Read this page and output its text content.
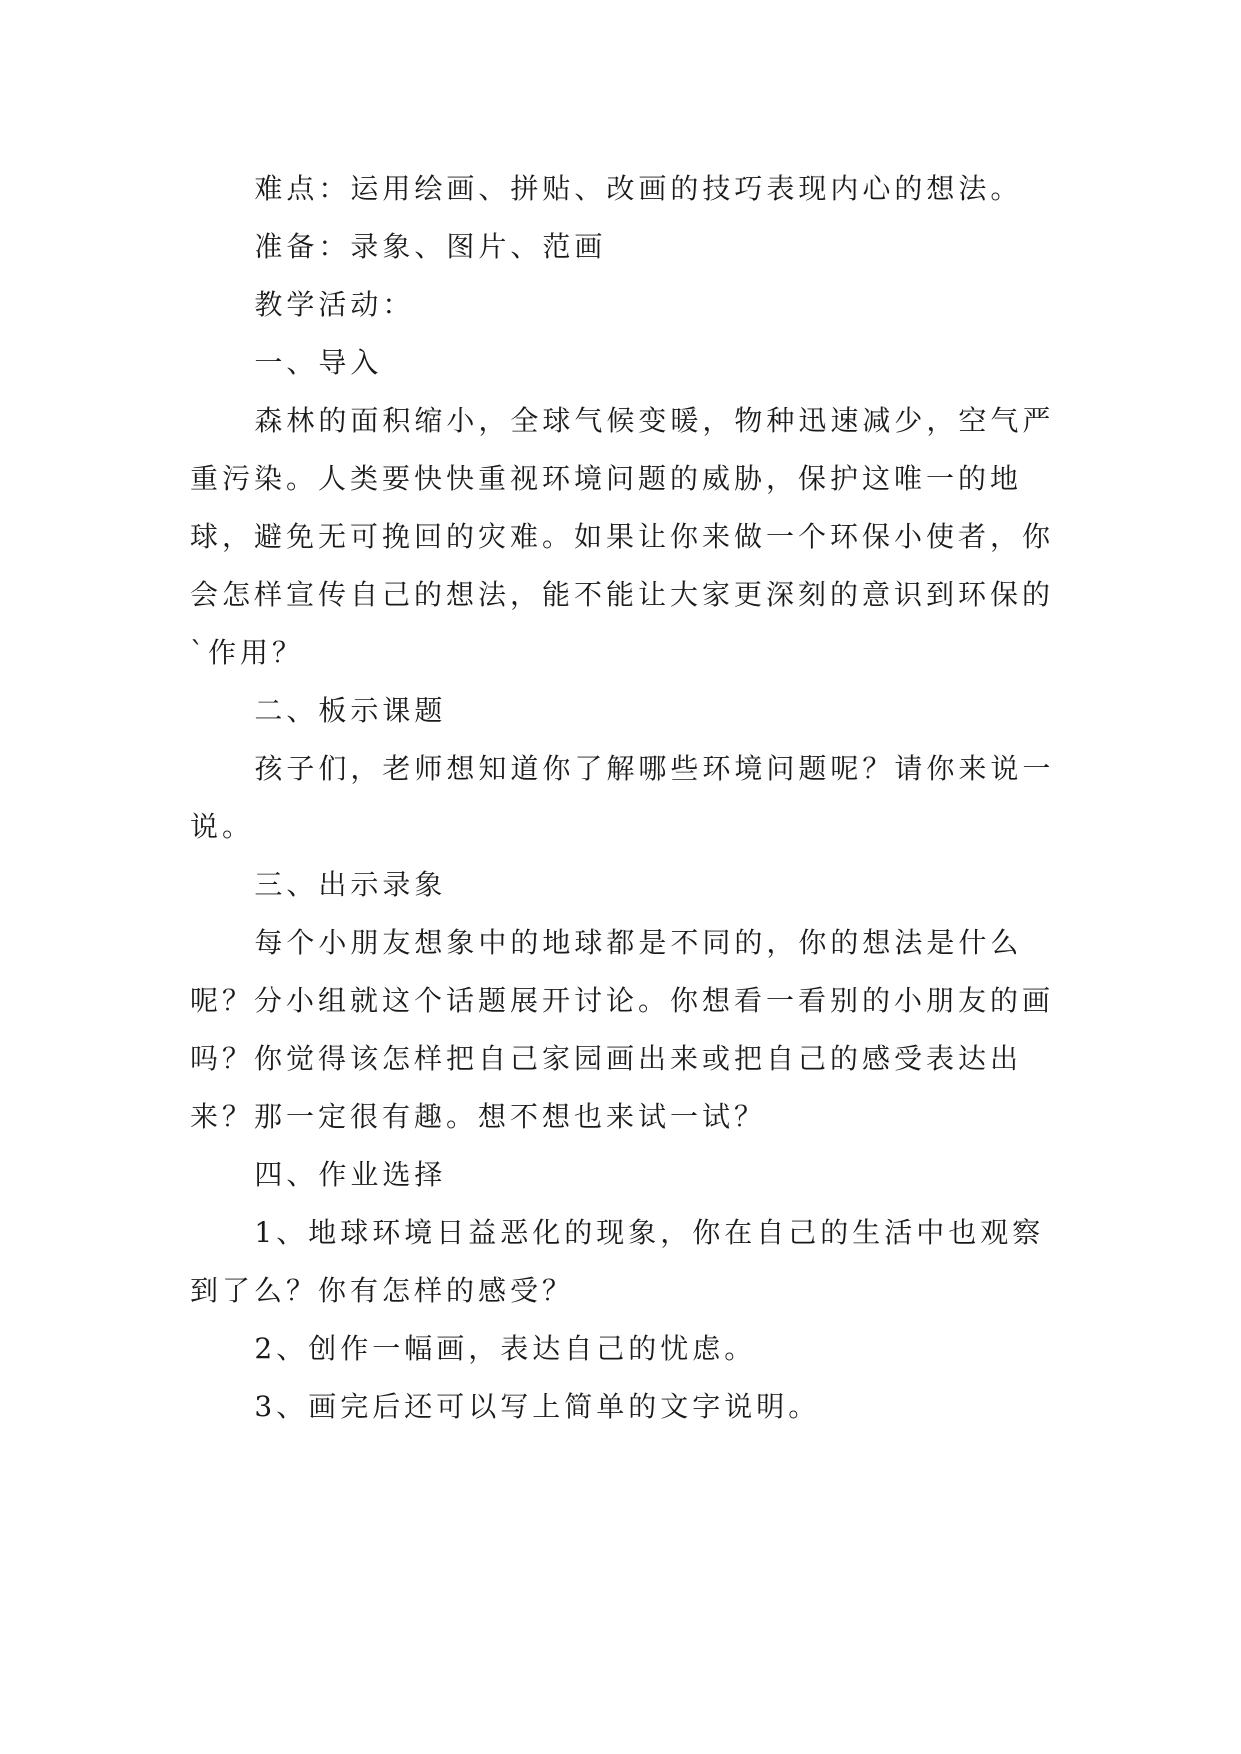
难点：运用绘画、拼贴、改画的技巧表现内心的想法。

准备：录象、图片、范画

教学活动：

一、导入

森林的面积缩小，全球气候变暖，物种迅速减少，空气严重污染。人类要快快重视环境问题的威胁，保护这唯一的地球，避免无可挽回的灾难。如果让你来做一个环保小使者，你会怎样宣传自己的想法，能不能让大家更深刻的意识到环保的`作用？

二、板示课题

孩子们，老师想知道你了解哪些环境问题呢？请你来说一说。

三、出示录象

每个小朋友想象中的地球都是不同的，你的想法是什么呢？分小组就这个话题展开讨论。你想看一看别的小朋友的画吗？你觉得该怎样把自己家园画出来或把自己的感受表达出来？那一定很有趣。想不想也来试一试？

四、作业选择

1、地球环境日益恶化的现象，你在自己的生活中也观察到了么？你有怎样的感受？

2、创作一幅画，表达自己的忧虑。

3、画完后还可以写上简单的文字说明。
